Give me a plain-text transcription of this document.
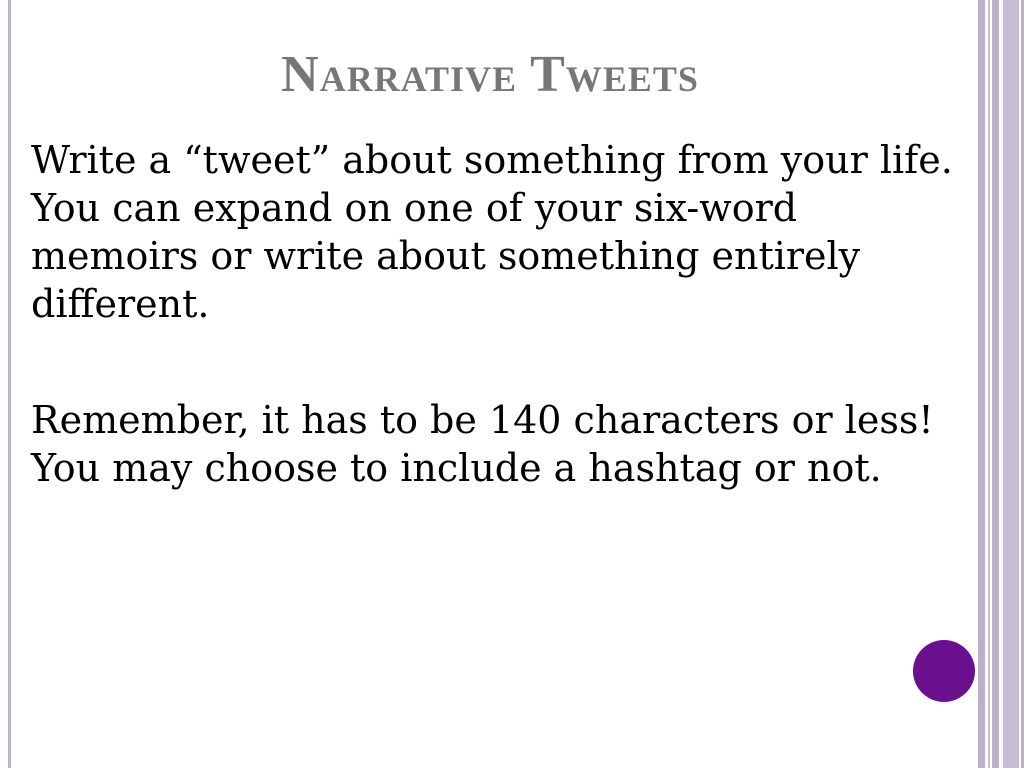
Narrative Tweets

Write a “tweet” about something from your life. You can expand on one of your six-word memoirs or write about something entirely different.

Remember, it has to be 140 characters or less! You may choose to include a hashtag or not.
